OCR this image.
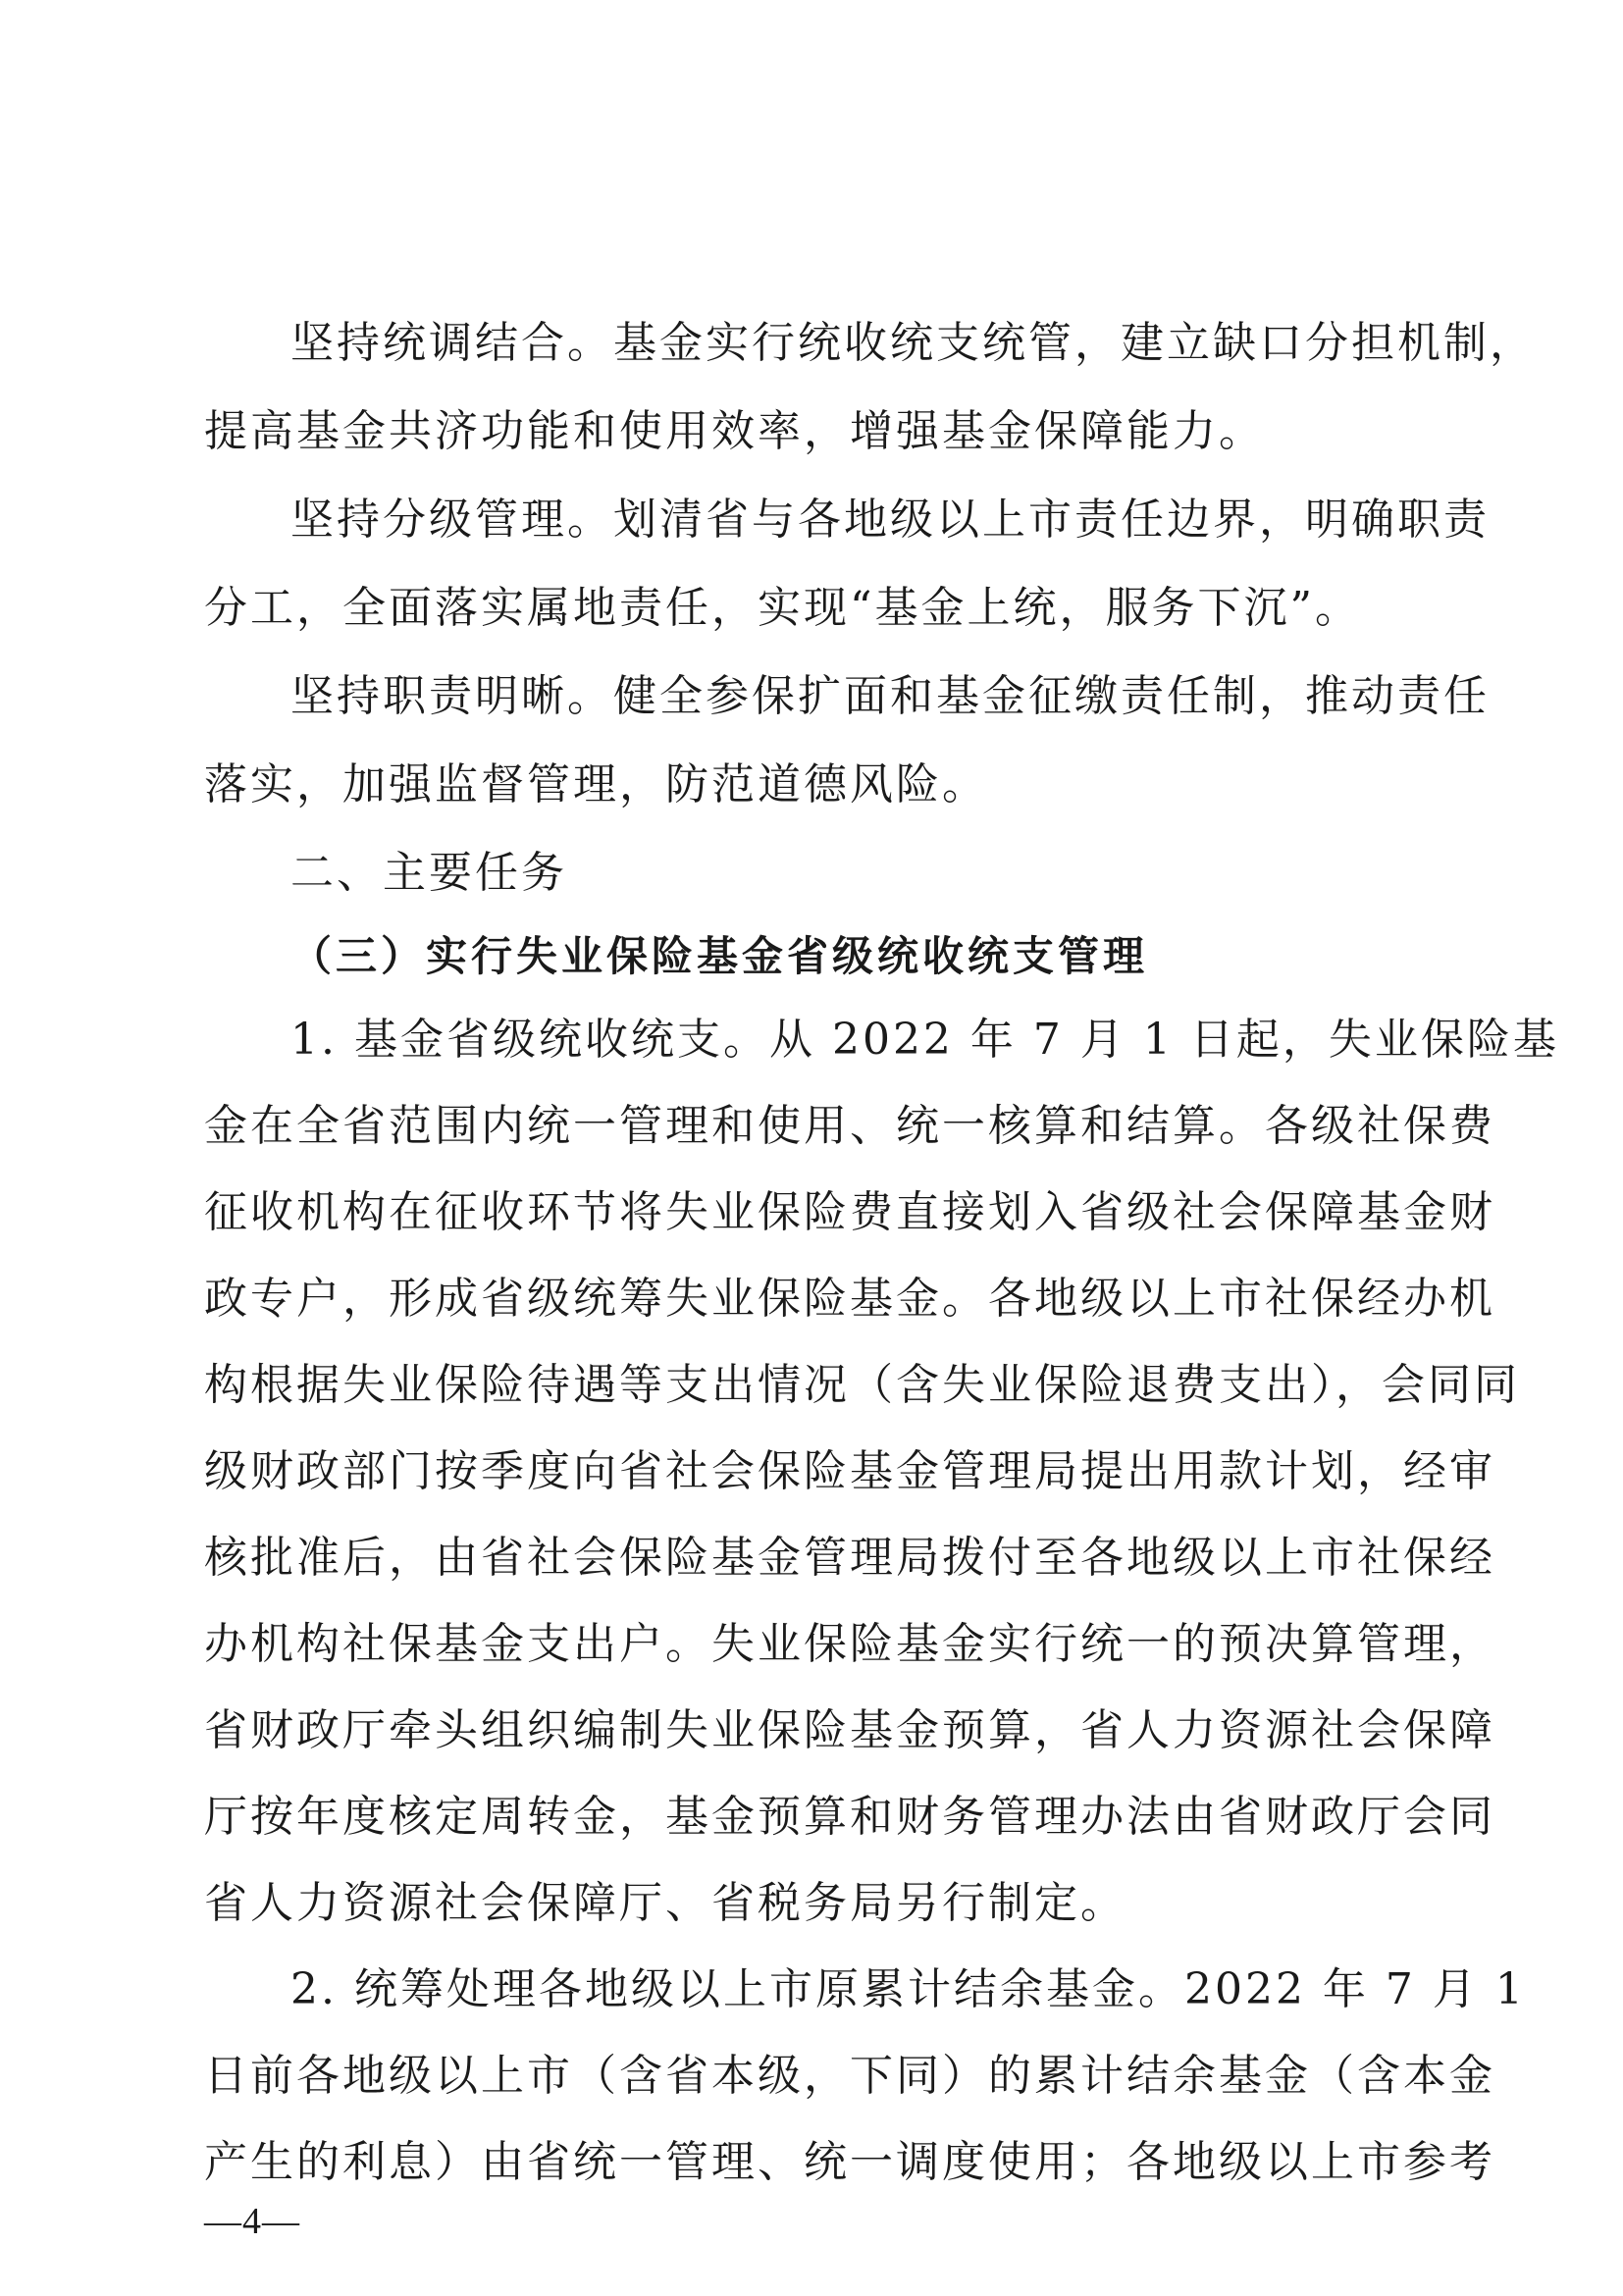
坚持统调结合。基金实行统收统支统管，建立缺口分担机制，
提高基金共济功能和使用效率，增强基金保障能力。
坚持分级管理。划清省与各地级以上市责任边界，明确职责
分工，全面落实属地责任，实现“基金上统，服务下沉”。
坚持职责明晰。健全参保扩面和基金征缴责任制，推动责任
落实，加强监督管理，防范道德风险。
二、主要任务
（三）实行失业保险基金省级统收统支管理
1. 基金省级统收统支。从 2022 年 7 月 1 日起，失业保险基
金在全省范围内统一管理和使用、统一核算和结算。各级社保费
征收机构在征收环节将失业保险费直接划入省级社会保障基金财
政专户，形成省级统筹失业保险基金。各地级以上市社保经办机
构根据失业保险待遇等支出情况（含失业保险退费支出），会同同
级财政部门按季度向省社会保险基金管理局提出用款计划，经审
核批准后，由省社会保险基金管理局拨付至各地级以上市社保经
办机构社保基金支出户。失业保险基金实行统一的预决算管理，
省财政厅牵头组织编制失业保险基金预算，省人力资源社会保障
厅按年度核定周转金，基金预算和财务管理办法由省财政厅会同
省人力资源社会保障厅、省税务局另行制定。
2. 统筹处理各地级以上市原累计结余基金。2022 年 7 月 1
日前各地级以上市（含省本级，下同）的累计结余基金（含本金
产生的利息）由省统一管理、统一调度使用；各地级以上市参考
—4—
